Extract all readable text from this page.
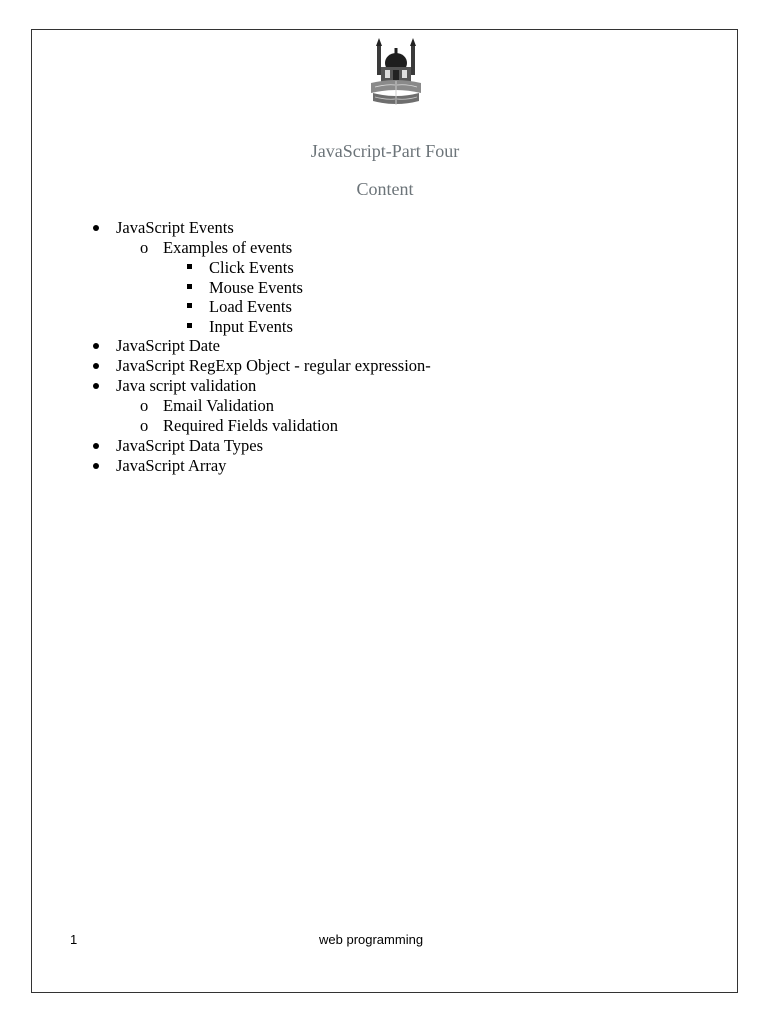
JavaScript-Part Four
Content
JavaScript Events
o Examples of events
Click Events
Mouse Events
Load Events
Input Events
JavaScript Date
JavaScript RegExp Object - regular expression-
Java script validation
o Email Validation
o Required Fields validation
JavaScript Data Types
JavaScript Array
1	web programming
